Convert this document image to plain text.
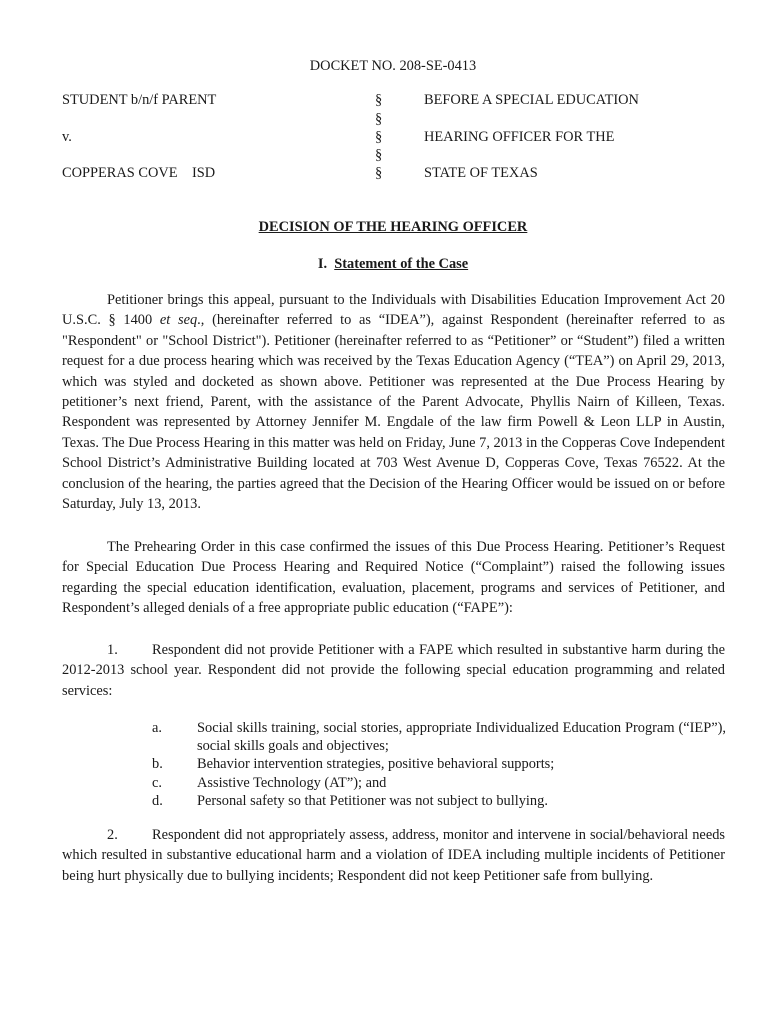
DOCKET NO. 208-SE-0413
STUDENT b/n/f PARENT	§	BEFORE A SPECIAL EDUCATION
§
v.	§	HEARING OFFICER FOR THE
§
COPPERAS COVE    ISD	§	STATE OF TEXAS
DECISION OF THE HEARING OFFICER
I. Statement of the Case

Petitioner brings this appeal, pursuant to the Individuals with Disabilities Education Improvement Act 20 U.S.C. § 1400 et seq., (hereinafter referred to as “IDEA”), against Respondent (hereinafter referred to as "Respondent" or "School District"). Petitioner (hereinafter referred to as “Petitioner” or “Student”) filed a written request for a due process hearing which was received by the Texas Education Agency (“TEA”) on April 29, 2013, which was styled and docketed as shown above. Petitioner was represented at the Due Process Hearing by petitioner’s next friend, Parent, with the assistance of the Parent Advocate, Phyllis Nairn of Killeen, Texas. Respondent was represented by Attorney Jennifer M. Engdale of the law firm Powell & Leon LLP in Austin, Texas. The Due Process Hearing in this matter was held on Friday, June 7, 2013 in the Copperas Cove Independent School District’s Administrative Building located at 703 West Avenue D, Copperas Cove, Texas 76522. At the conclusion of the hearing, the parties agreed that the Decision of the Hearing Officer would be issued on or before Saturday, July 13, 2013.

The Prehearing Order in this case confirmed the issues of this Due Process Hearing. Petitioner’s Request for Special Education Due Process Hearing and Required Notice (“Complaint”) raised the following issues regarding the special education identification, evaluation, placement, programs and services of Petitioner, and Respondent’s alleged denials of a free appropriate public education (“FAPE”):

1. Respondent did not provide Petitioner with a FAPE which resulted in substantive harm during the 2012-2013 school year. Respondent did not provide the following special education programming and related services:

a. Social skills training, social stories, appropriate Individualized Education Program (“IEP”), social skills goals and objectives;
b. Behavior intervention strategies, positive behavioral supports;
c. Assistive Technology (AT”); and
d. Personal safety so that Petitioner was not subject to bullying.

2. Respondent did not appropriately assess, address, monitor and intervene in social/behavioral needs which resulted in substantive educational harm and a violation of IDEA including multiple incidents of Petitioner being hurt physically due to bullying incidents; Respondent did not keep Petitioner safe from bullying.
